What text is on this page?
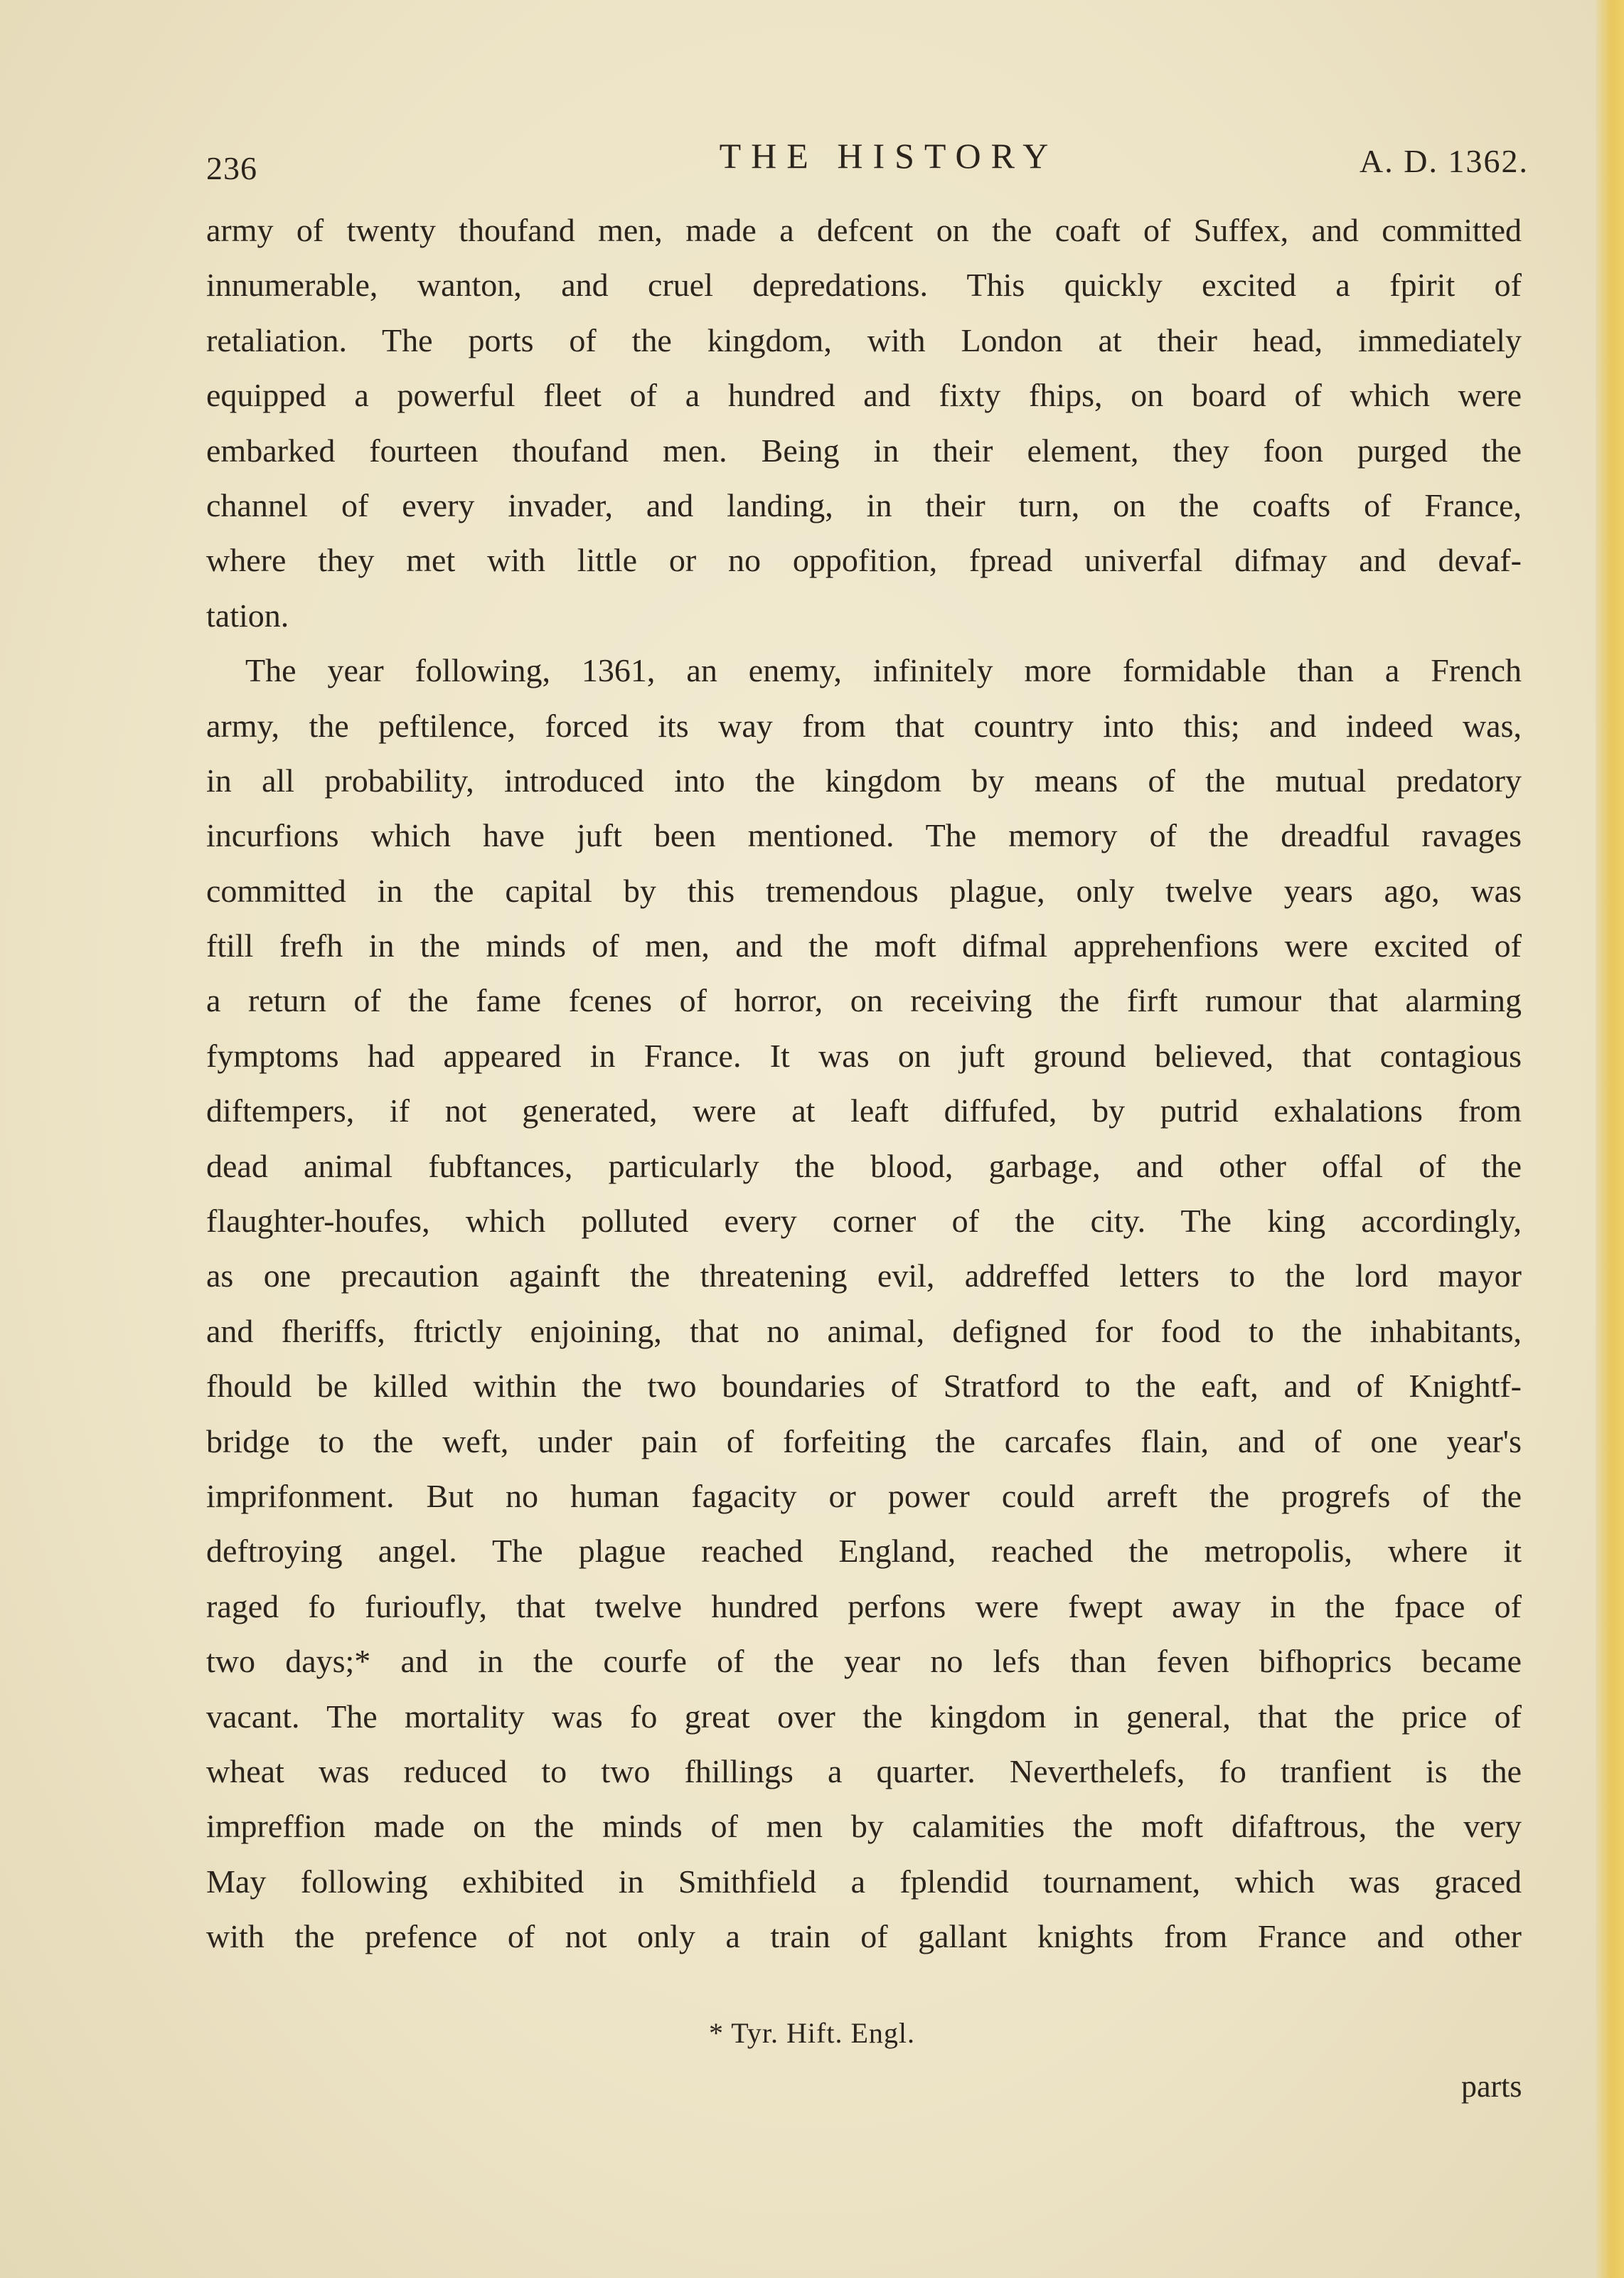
236	THE HISTORY	A. D. 1362.
army of twenty thoufand men, made a defcent on the coaft of Suffex, and committed
innumerable, wanton, and cruel depredations. This quickly excited a fpirit of
retaliation. The ports of the kingdom, with London at their head, immediately
equipped a powerful fleet of a hundred and fixty fhips, on board of which were
embarked fourteen thoufand men. Being in their element, they foon purged the
channel of every invader, and landing, in their turn, on the coafts of France,
where they met with little or no oppofition, fpread univerfal difmay and devaf-
tation.
The year following, 1361, an enemy, infinitely more formidable than a French
army, the peftilence, forced its way from that country into this; and indeed was,
in all probability, introduced into the kingdom by means of the mutual predatory
incurfions which have juft been mentioned. The memory of the dreadful ravages
committed in the capital by this tremendous plague, only twelve years ago, was
ftill frefh in the minds of men, and the moft difmal apprehenfions were excited of
a return of the fame fcenes of horror, on receiving the firft rumour that alarming
fymptoms had appeared in France. It was on juft ground believed, that contagious
diftempers, if not generated, were at leaft diffufed, by putrid exhalations from
dead animal fubftances, particularly the blood, garbage, and other offal of the
flaughter-houfes, which polluted every corner of the city. The king accordingly,
as one precaution againft the threatening evil, addreffed letters to the lord mayor
and fheriffs, ftrictly enjoining, that no animal, defigned for food to the inhabitants,
fhould be killed within the two boundaries of Stratford to the eaft, and of Knightf-
bridge to the weft, under pain of forfeiting the carcafes flain, and of one year's
imprifonment. But no human fagacity or power could arreft the progrefs of the
deftroying angel. The plague reached England, reached the metropolis, where it
raged fo furioufly, that twelve hundred perfons were fwept away in the fpace of
two days;* and in the courfe of the year no lefs than feven bifhoprics became
vacant. The mortality was fo great over the kingdom in general, that the price of
wheat was reduced to two fhillings a quarter. Neverthelefs, fo tranfient is the
impreffion made on the minds of men by calamities the moft difaftrous, the very
May following exhibited in Smithfield a fplendid tournament, which was graced
with the prefence of not only a train of gallant knights from France and other
* Tyr. Hift. Engl.
parts
